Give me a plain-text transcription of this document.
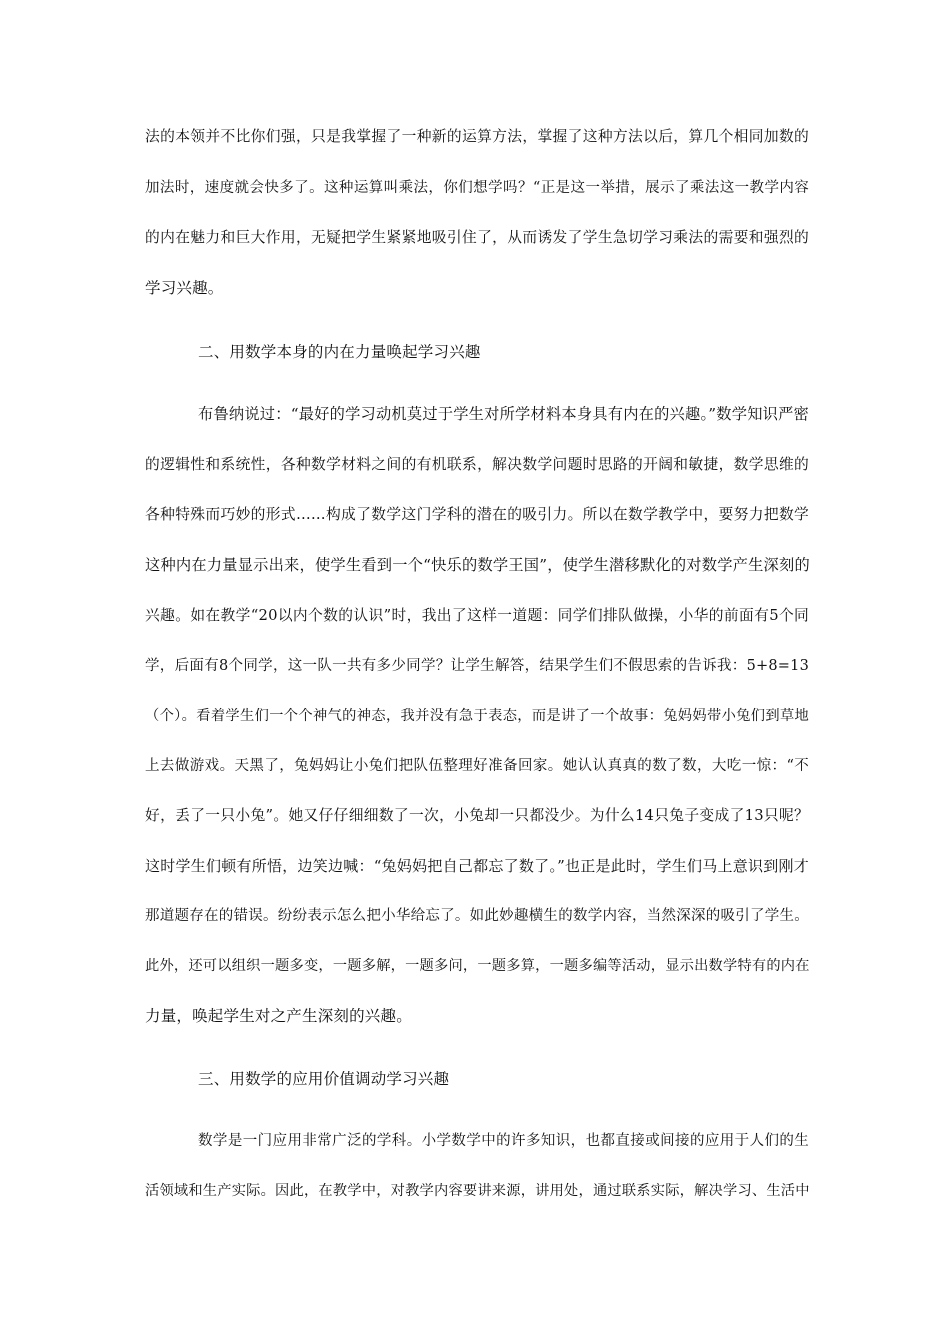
法的本领并不比你们强，只是我掌握了一种新的运算方法，掌握了这种方法以后，算几个相同加数的
加法时，速度就会快多了。这种运算叫乘法，你们想学吗？“正是这一举措，展示了乘法这一教学内容
的内在魅力和巨大作用，无疑把学生紧紧地吸引住了，从而诱发了学生急切学习乘法的需要和强烈的
学习兴趣。
二、用数学本身的内在力量唤起学习兴趣
布鲁纳说过：“最好的学习动机莫过于学生对所学材料本身具有内在的兴趣。”数学知识严密
的逻辑性和系统性，各种数学材料之间的有机联系，解决数学问题时思路的开阔和敏捷，数学思维的
各种特殊而巧妙的形式……构成了数学这门学科的潜在的吸引力。所以在数学教学中，要努力把数学
这种内在力量显示出来，使学生看到一个“快乐的数学王国”，使学生潜移默化的对数学产生深刻的
兴趣。如在教学“20以内个数的认识”时，我出了这样一道题：同学们排队做操，小华的前面有5个同
学，后面有8个同学，这一队一共有多少同学？让学生解答，结果学生们不假思索的告诉我：5+8=13
（个）。看着学生们一个个神气的神态，我并没有急于表态，而是讲了一个故事：兔妈妈带小兔们到草地
上去做游戏。天黑了，兔妈妈让小兔们把队伍整理好准备回家。她认认真真的数了数，大吃一惊：“不
好，丢了一只小兔”。她又仔仔细细数了一次，小兔却一只都没少。为什么14只兔子变成了13只呢？
这时学生们顿有所悟，边笑边喊：“兔妈妈把自己都忘了数了。”也正是此时，学生们马上意识到刚才
那道题存在的错误。纷纷表示怎么把小华给忘了。如此妙趣横生的数学内容，当然深深的吸引了学生。
此外，还可以组织一题多变，一题多解，一题多问，一题多算，一题多编等活动，显示出数学特有的内在
力量，唤起学生对之产生深刻的兴趣。
三、用数学的应用价值调动学习兴趣
数学是一门应用非常广泛的学科。小学数学中的许多知识，也都直接或间接的应用于人们的生
活领域和生产实际。因此，在教学中，对教学内容要讲来源，讲用处，通过联系实际，解决学习、生活中
